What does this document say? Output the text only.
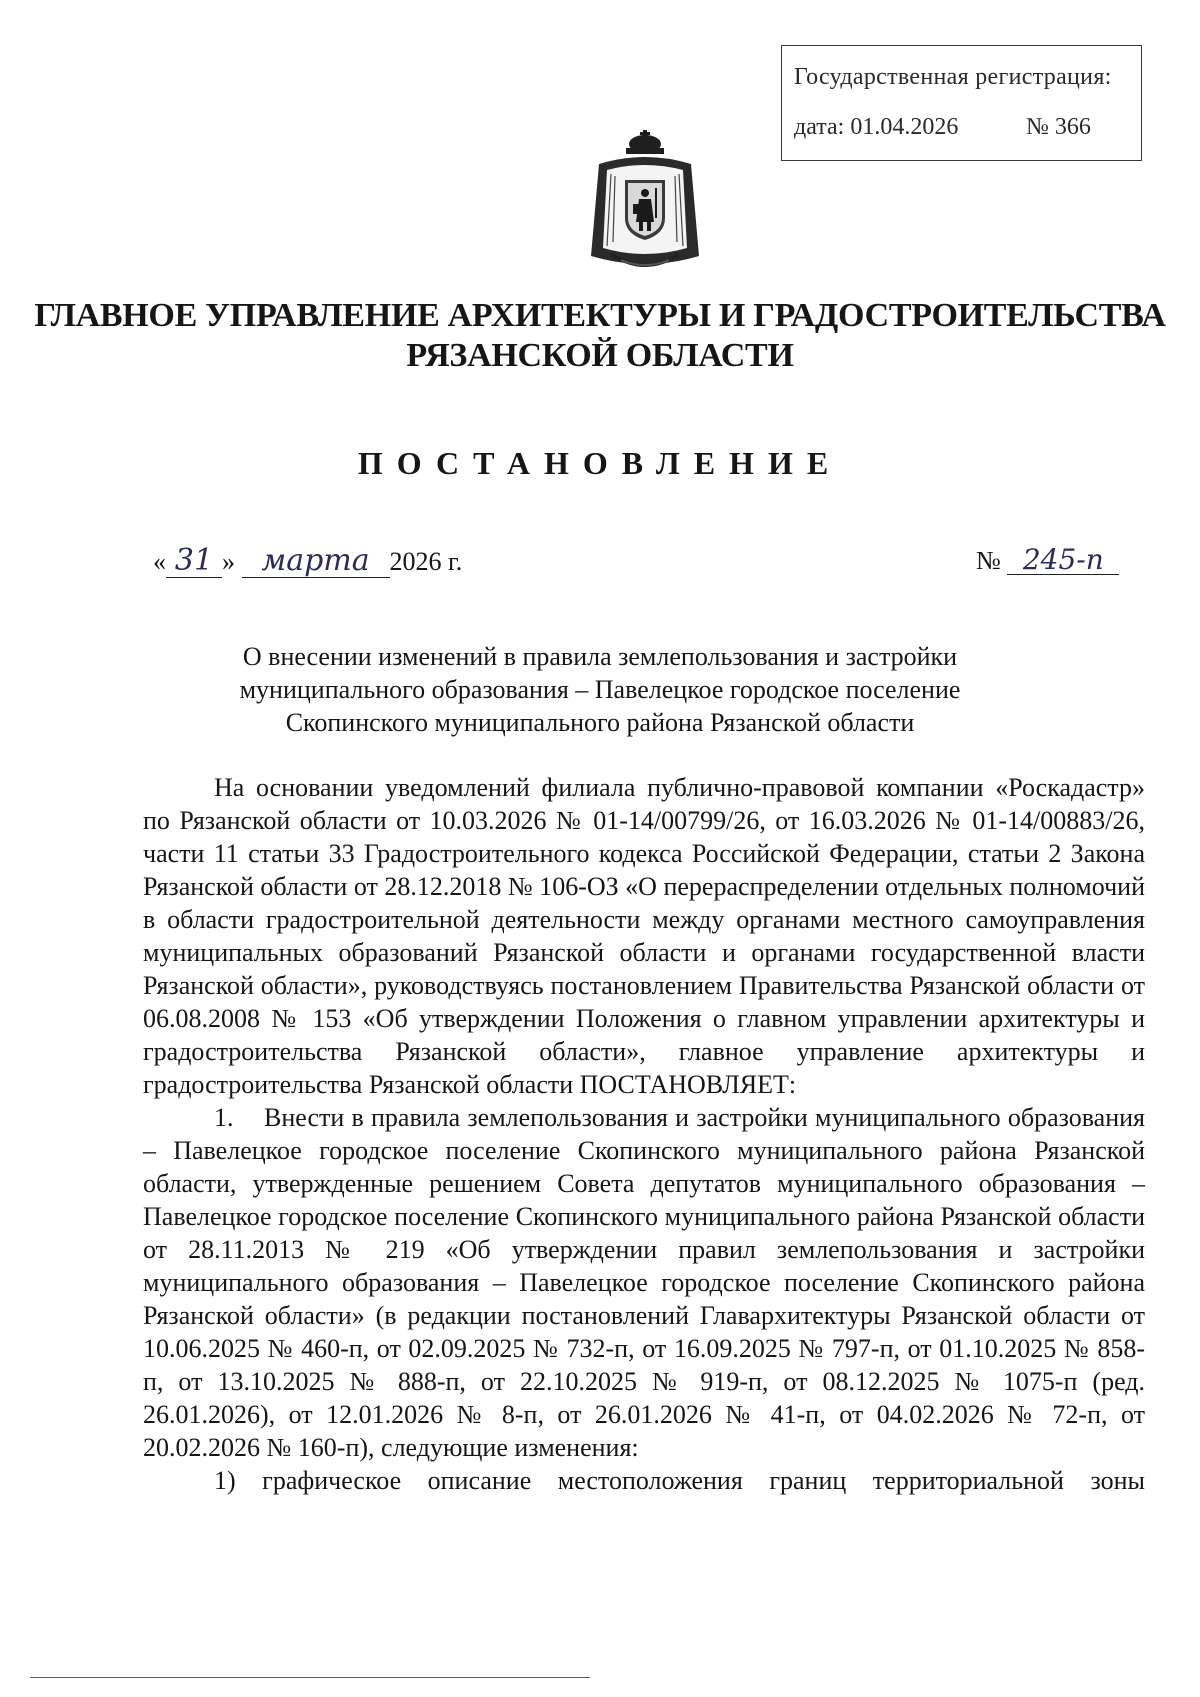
Государственная регистрация:
дата: 01.04.2026	№ 366
ГЛАВНОЕ УПРАВЛЕНИЕ АРХИТЕКТУРЫ И ГРАДОСТРОИТЕЛЬСТВА
РЯЗАНСКОЙ ОБЛАСТИ
ПОСТАНОВЛЕНИЕ
« 31 » марта 2026 г.	№ 245-п
О внесении изменений в правила землепользования и застройки
муниципального образования – Павелецкое городское поселение
Скопинского муниципального района Рязанской области

На основании уведомлений филиала публично-правовой компании «Роскадастр» по Рязанской области от 10.03.2026 № 01-14/00799/26, от 16.03.2026 № 01-14/00883/26, части 11 статьи 33 Градостроительного кодекса Российской Федерации, статьи 2 Закона Рязанской области от 28.12.2018 № 106-ОЗ «О перераспределении отдельных полномочий в области градостроительной деятельности между органами местного самоуправления муниципальных образований Рязанской области и органами государственной власти Рязанской области», руководствуясь постановлением Правительства Рязанской области от 06.08.2008 № 153 «Об утверждении Положения о главном управлении архитектуры и градостроительства Рязанской области», главное управление архитектуры и градостроительства Рязанской области ПОСТАНОВЛЯЕТ:

1. Внести в правила землепользования и застройки муниципального образования – Павелецкое городское поселение Скопинского муниципального района Рязанской области, утвержденные решением Совета депутатов муниципального образования – Павелецкое городское поселение Скопинского муниципального района Рязанской области от 28.11.2013 № 219 «Об утверждении правил землепользования и застройки муниципального образования – Павелецкое городское поселение Скопинского района Рязанской области» (в редакции постановлений Главархитектуры Рязанской области от 10.06.2025 № 460-п, от 02.09.2025 № 732-п, от 16.09.2025 № 797-п, от 01.10.2025 № 858-п, от 13.10.2025 № 888-п, от 22.10.2025 № 919-п, от 08.12.2025 № 1075-п (ред. 26.01.2026), от 12.01.2026 № 8-п, от 26.01.2026 № 41-п, от 04.02.2026 № 72-п, от 20.02.2026 № 160-п), следующие изменения:

1) графическое описание местоположения границ территориальной зоны
